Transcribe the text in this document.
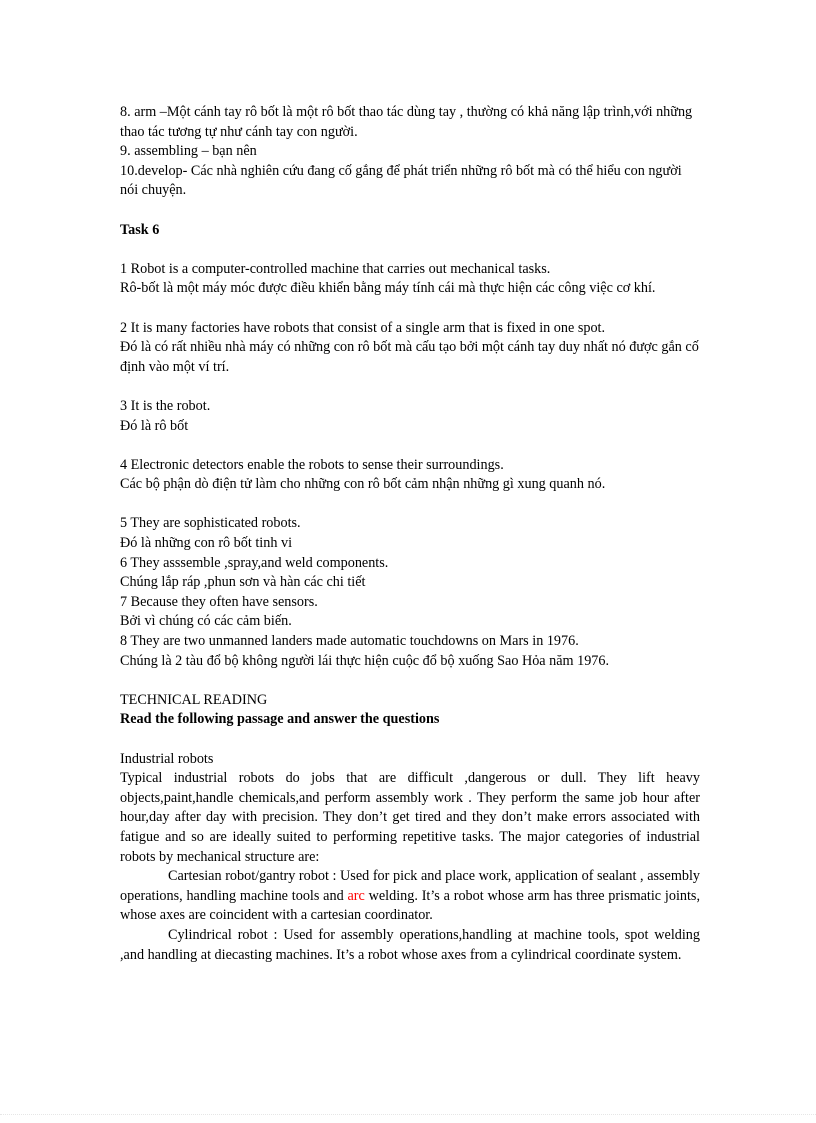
8. arm –Một cánh tay rô bốt là một rô bốt thao tác dùng tay , thường có khả năng lập trình,với những thao tác tương tự như cánh tay con người.

9. assembling – bạn nên

10.develop- Các nhà nghiên cứu đang cố gắng để phát triển những rô bốt mà có thể hiểu con người nói chuyện.

Task 6

1 Robot is a computer-controlled machine that carries out mechanical tasks.

Rô-bốt là một máy móc được điều khiển bằng máy tính cái mà thực hiện các công việc cơ khí.

2 It is many factories have robots that consist of a single arm that is fixed in one spot.

Đó là có rất nhiều nhà máy có những con rô bốt mà cấu tạo bởi một cánh tay duy nhất nó được gắn cố định vào một ví trí.

3 It is the robot.

Đó là rô bốt

4 Electronic detectors enable the robots to sense their surroundings.

Các bộ phận dò điện tử làm cho những con rô bốt cảm nhận những gì xung quanh nó.

5 They are sophisticated robots.

Đó là những con rô bốt tinh vi

6 They asssemble ,spray,and weld components.

Chúng lắp ráp ,phun sơn và hàn các chi tiết

7 Because they often have sensors.

Bởi vì chúng có các cảm biến.

8 They are two unmanned landers made automatic touchdowns on Mars in 1976.

Chúng là 2 tàu đổ bộ không người lái thực hiện cuộc đổ bộ xuống Sao Hỏa năm 1976.

TECHNICAL READING

Read the following passage and answer the questions

Industrial robots

Typical industrial robots do jobs that are difficult ,dangerous or dull. They lift heavy objects,paint,handle chemicals,and perform assembly work . They perform the same job hour after hour,day after day with precision. They don’t get tired and they don’t make errors associated with fatigue and so are ideally suited to performing repetitive tasks. The major categories of industrial robots by mechanical structure are:

Cartesian robot/gantry robot : Used for pick and place work, application of sealant , assembly operations, handling machine tools and arc welding. It’s a robot whose arm has three prismatic joints, whose axes are coincident with a cartesian coordinator.

Cylindrical robot : Used for assembly operations,handling at machine tools, spot welding ,and handling at diecasting machines. It’s a robot whose axes from a cylindrical coordinate system.
